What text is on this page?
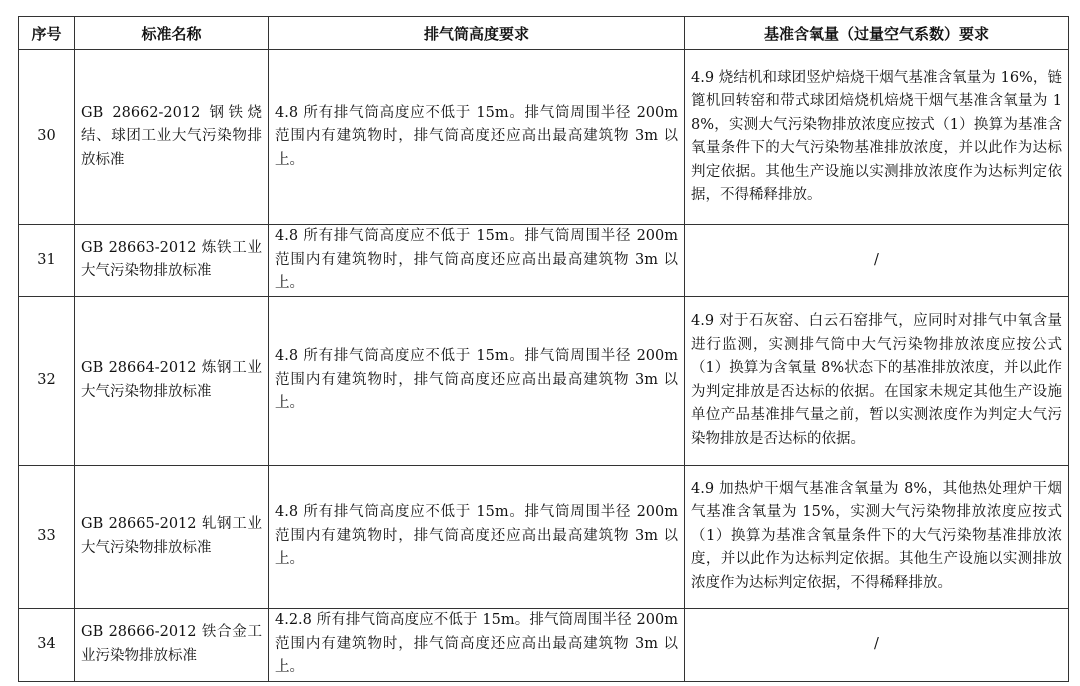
序号	标准名称	排气筒高度要求	基准含氧量（过量空气系数）要求
30	GB 28662-2012 钢铁烧结、球团工业大气污染物排放标准	4.8 所有排气筒高度应不低于 15m。排气筒周围半径 200m 范围内有建筑物时，排气筒高度还应高出最高建筑物 3m 以上。	4.9 烧结机和球团竖炉焙烧干烟气基准含氧量为 16%，链篦机回转窑和带式球团焙烧机焙烧干烟气基准含氧量为 18%，实测大气污染物排放浓度应按式（1）换算为基准含氧量条件下的大气污染物基准排放浓度，并以此作为达标判定依据。其他生产设施以实测排放浓度作为达标判定依据，不得稀释排放。
31	GB 28663-2012 炼铁工业大气污染物排放标准	4.8 所有排气筒高度应不低于 15m。排气筒周围半径 200m 范围内有建筑物时，排气筒高度还应高出最高建筑物 3m 以上。	/
32	GB 28664-2012 炼钢工业大气污染物排放标准	4.8 所有排气筒高度应不低于 15m。排气筒周围半径 200m 范围内有建筑物时，排气筒高度还应高出最高建筑物 3m 以上。	4.9 对于石灰窑、白云石窑排气，应同时对排气中氧含量进行监测，实测排气筒中大气污染物排放浓度应按公式（1）换算为含氧量 8%状态下的基准排放浓度，并以此作为判定排放是否达标的依据。在国家未规定其他生产设施单位产品基准排气量之前，暂以实测浓度作为判定大气污染物排放是否达标的依据。
33	GB 28665-2012 轧钢工业大气污染物排放标准	4.8 所有排气筒高度应不低于 15m。排气筒周围半径 200m 范围内有建筑物时，排气筒高度还应高出最高建筑物 3m 以上。	4.9 加热炉干烟气基准含氧量为 8%，其他热处理炉干烟气基准含氧量为 15%，实测大气污染物排放浓度应按式（1）换算为基准含氧量条件下的大气污染物基准排放浓度，并以此作为达标判定依据。其他生产设施以实测排放浓度作为达标判定依据，不得稀释排放。
34	GB 28666-2012 铁合金工业污染物排放标准	4.2.8 所有排气筒高度应不低于 15m。排气筒周围半径 200m 范围内有建筑物时，排气筒高度还应高出最高建筑物 3m 以上。	/
